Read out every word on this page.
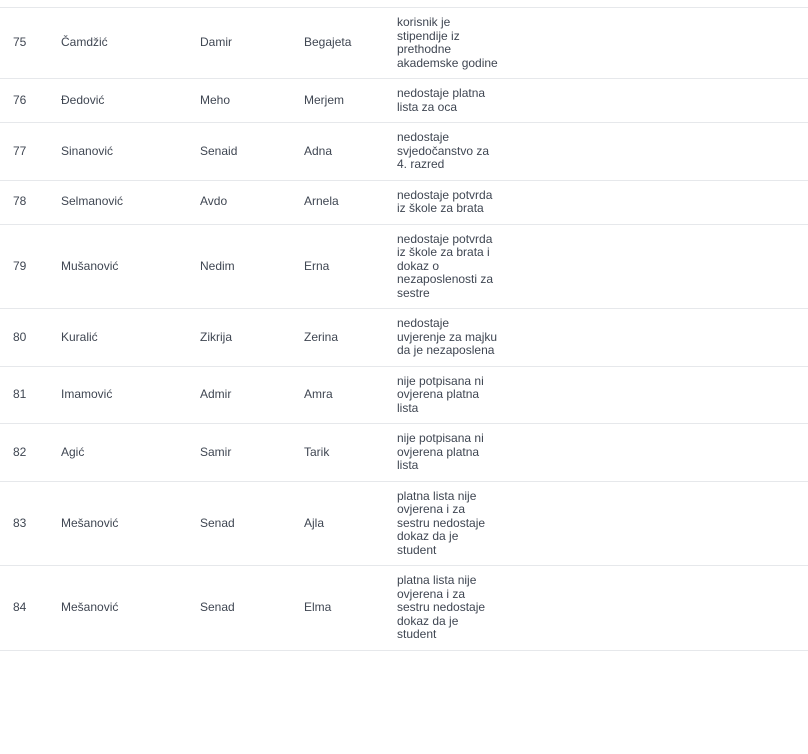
75	Čamdžić	Damir	Begajeta	korisnik je stipendije iz prethodne akademske godine	

76	Đedović	Meho	Merjem	nedostaje platna lista za oca	

77	Sinanović	Senaid	Adna	nedostaje svjedočanstvo za 4. razred	

78	Selmanović	Avdo	Arnela	nedostaje potvrda iz škole za brata	

79	Mušanović	Nedim	Erna	nedostaje potvrda iz škole za brata i dokaz o nezaposlenosti za sestre	

80	Kuralić	Zikrija	Zerina	nedostaje uvjerenje za majku da je nezaposlena	

81	Imamović	Admir	Amra	nije potpisana ni ovjerena platna lista	

82	Agić	Samir	Tarik	nije potpisana ni ovjerena platna lista	

83	Mešanović	Senad	Ajla	platna lista nije ovjerena i za sestru nedostaje dokaz da je student	

84	Mešanović	Senad	Elma	platna lista nije ovjerena i za sestru nedostaje dokaz da je student	
